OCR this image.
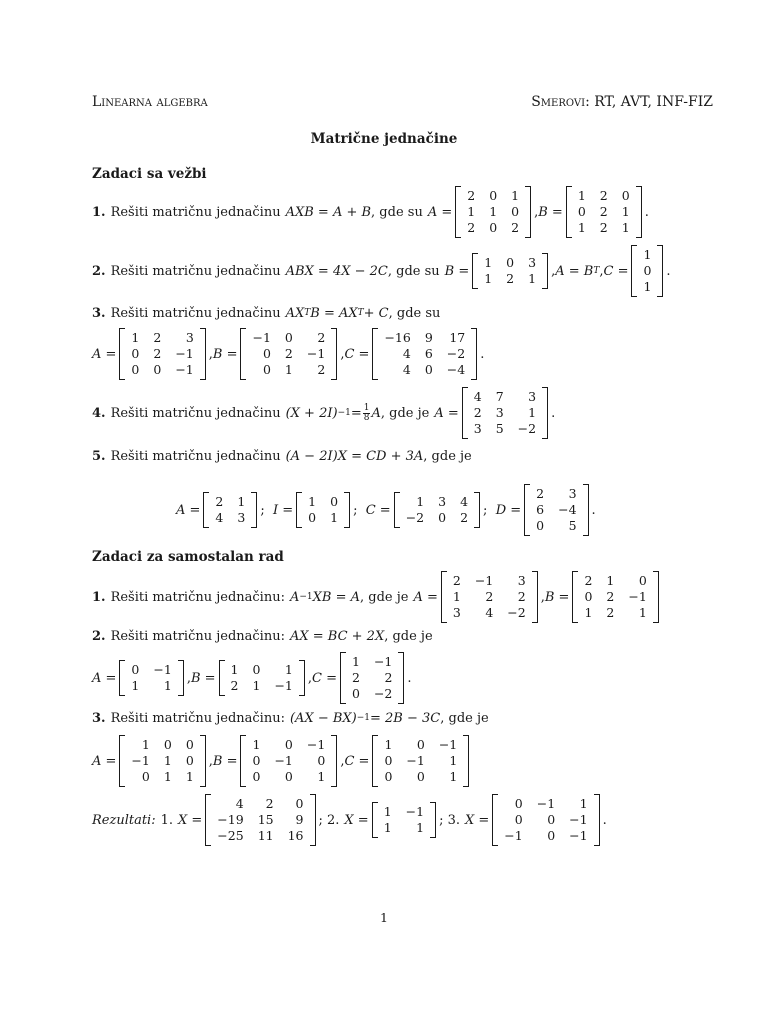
Linearna algebra	Smerovi: RT, AVT, INF-FIZ
Matrične jednačine
Zadaci sa vežbi
1. Rešiti matričnu jednačinu AXB = A + B , gde su A =
2 0 1
1 1 0
2 0 2
, B =
1 2 0
0 2 1
1 2 1
.
2. Rešiti matričnu jednačinu ABX = 4X − 2C , gde su B =
1 0 3
1 2 1 , A = B T , C =
1
0
1
.
3. Rešiti matričnu jednačinu AX T B = AX T + C , gde su
A =
1 2	3
0 2 −1
0 0 −1
, B =
−1 0	2
0 2 −1
0 1	2
, C =
−16 9 17
4 6 −2
4 0 −4
.
4. Rešiti matričnu jednačinu $(X + 2I) -1 = \frac{1}{8}$ A , gde je A =
4 7	3
2 3	1
3 5 −2
.
5. Rešiti matričnu jednačinu (A − 2I)X = CD + 3A , gde je
A =
2 1
4 3 ; I =
1 0
0 1 ; C =
1 3 4
−2 0 2 ; D =
2	3
6 −4
0	5
.
Zadaci za samostalan rad
1. Rešiti matričnu jednačinu: A −1 XB = A , gde je A =
2 −1	3
1	2	2
3	4 −2
, B =
2 1	0
0 2 −1
1 2	1
2. Rešiti matričnu jednačinu: AX = BC + 2X , gde je
A =
0 −1
1	1 , B =
1 0	1
2 1 −1 , C =
1 −1
2	2
0 −2
.
3. Rešiti matričnu jednačinu: (AX − BX) −1 = 2B − 3C , gde je
A =
1 0 0
−1 1 0
0 1 1
, B =
1	0 −1
0 −1	0
0	0	1
, C =
1	0 −1
0 −1	1
0	0	1
Rezultati: 1. X =
4	2	0
−19 15	9
−25 11 16
; 2. X =
1 −1
1	1 ; 3. X =
0 −1	1
0	0 −1
−1	0 −1
.
1
